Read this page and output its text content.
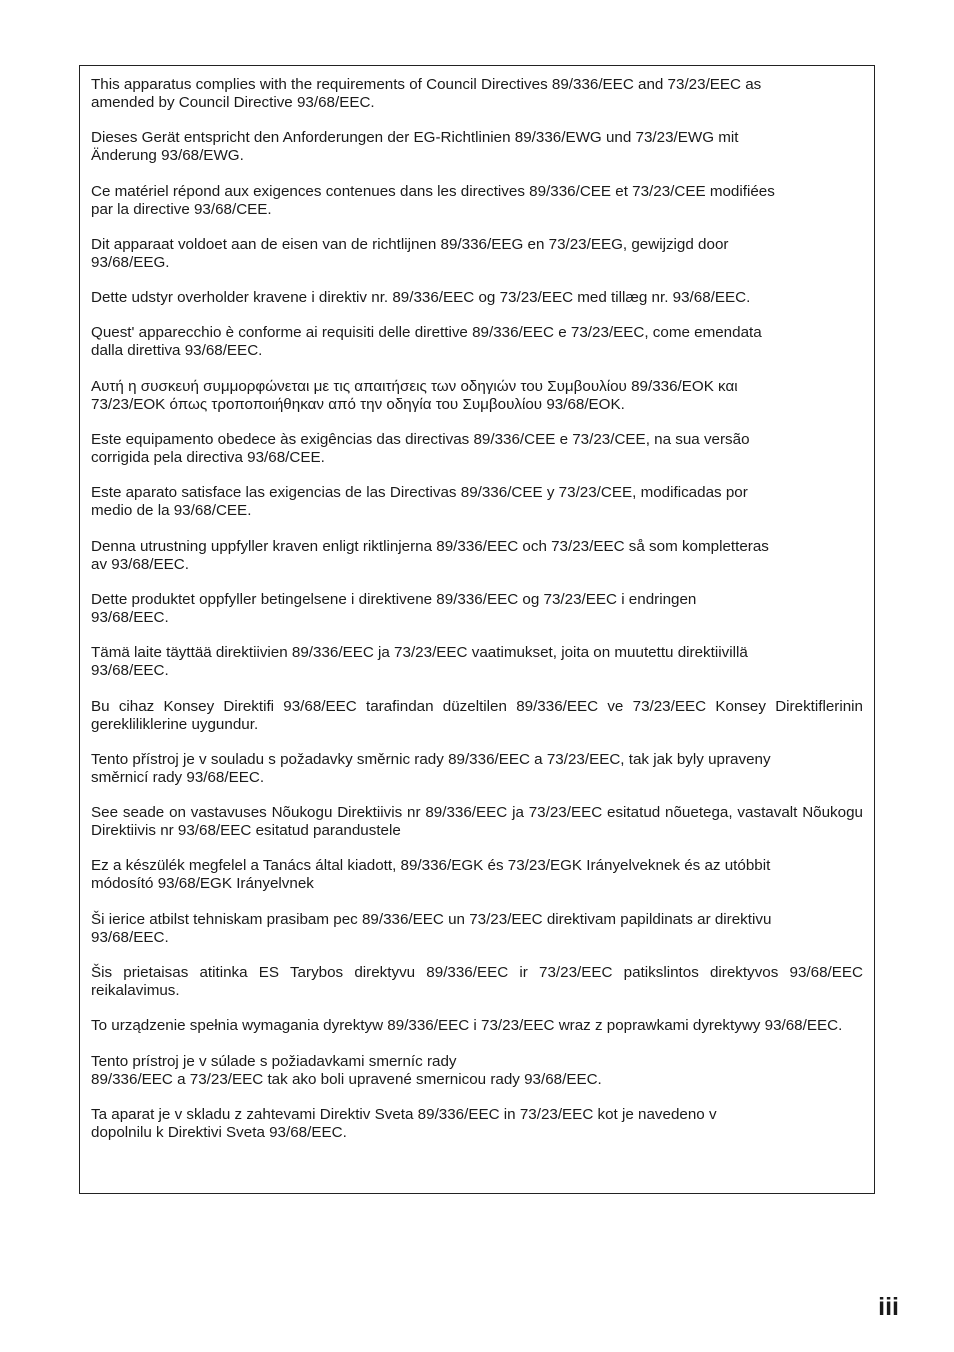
This apparatus complies with the requirements of Council Directives 89/336/EEC and 73/23/EEC as
amended by Council Directive 93/68/EEC.

Dieses Gerät entspricht den Anforderungen der EG-Richtlinien 89/336/EWG und 73/23/EWG mit
Änderung 93/68/EWG.

Ce matériel répond aux exigences contenues dans les directives 89/336/CEE et 73/23/CEE modifiées
par la directive 93/68/CEE.

Dit apparaat voldoet aan de eisen van de richtlijnen 89/336/EEG en 73/23/EEG, gewijzigd door
93/68/EEG.

Dette udstyr overholder kravene i direktiv nr. 89/336/EEC og 73/23/EEC med tillæg nr. 93/68/EEC.

Quest' apparecchio è conforme ai requisiti delle direttive 89/336/EEC e 73/23/EEC, come emendata
dalla direttiva 93/68/EEC.

Αυτή η συσκευή συμμορφώνεται με τις απαιτήσεις των οδηγιών του Συμβουλίου 89/336/ΕΟΚ και
73/23/ΕΟΚ όπως τροποποιήθηκαν από την οδηγία του Συμβουλίου 93/68/ΕΟΚ.

Este equipamento obedece às exigências das directivas 89/336/CEE e 73/23/CEE, na sua versão
corrigida pela directiva 93/68/CEE.

Este aparato satisface las exigencias de las Directivas 89/336/CEE y 73/23/CEE, modificadas por
medio de la 93/68/CEE.

Denna utrustning uppfyller kraven enligt riktlinjerna 89/336/EEC och 73/23/EEC så som kompletteras
av 93/68/EEC.

Dette produktet oppfyller betingelsene i direktivene 89/336/EEC og 73/23/EEC i endringen
93/68/EEC.

Tämä laite täyttää direktiivien 89/336/EEC ja 73/23/EEC vaatimukset, joita on muutettu direktiivillä
93/68/EEC.

Bu cihaz Konsey Direktifi 93/68/EEC tarafindan düzeltilen 89/336/EEC ve 73/23/EEC Konsey Direktiflerinin gerekliliklerine uygundur.

Tento přístroj je v souladu s požadavky směrnic rady 89/336/EEC a 73/23/EEC, tak jak byly upraveny
směrnicí rady 93/68/EEC.

See seade on vastavuses Nõukogu Direktiivis nr 89/336/EEC ja 73/23/EEC esitatud nõuetega, vastavalt Nõukogu Direktiivis nr 93/68/EEC esitatud parandustele

Ez a készülék megfelel a Tanács által kiadott, 89/336/EGK és 73/23/EGK Irányelveknek és az utóbbit
módosító 93/68/EGK Irányelvnek

Ši ierice atbilst tehniskam prasibam pec 89/336/EEC un 73/23/EEC direktivam papildinats ar direktivu
93/68/EEC.

Šis prietaisas atitinka ES Tarybos direktyvu 89/336/EEC ir 73/23/EEC patikslintos direktyvos 93/68/EEC reikalavimus.

To urządzenie spełnia wymagania dyrektyw 89/336/EEC i 73/23/EEC wraz z poprawkami dyrektywy 93/68/EEC.

Tento prístroj je v súlade s požiadavkami smerníc rady
89/336/EEC a 73/23/EEC tak ako boli upravené smernicou rady 93/68/EEC.

Ta aparat je v skladu z zahtevami Direktiv Sveta 89/336/EEC in 73/23/EEC kot je navedeno v
dopolnilu k Direktivi Sveta 93/68/EEC.

iii
